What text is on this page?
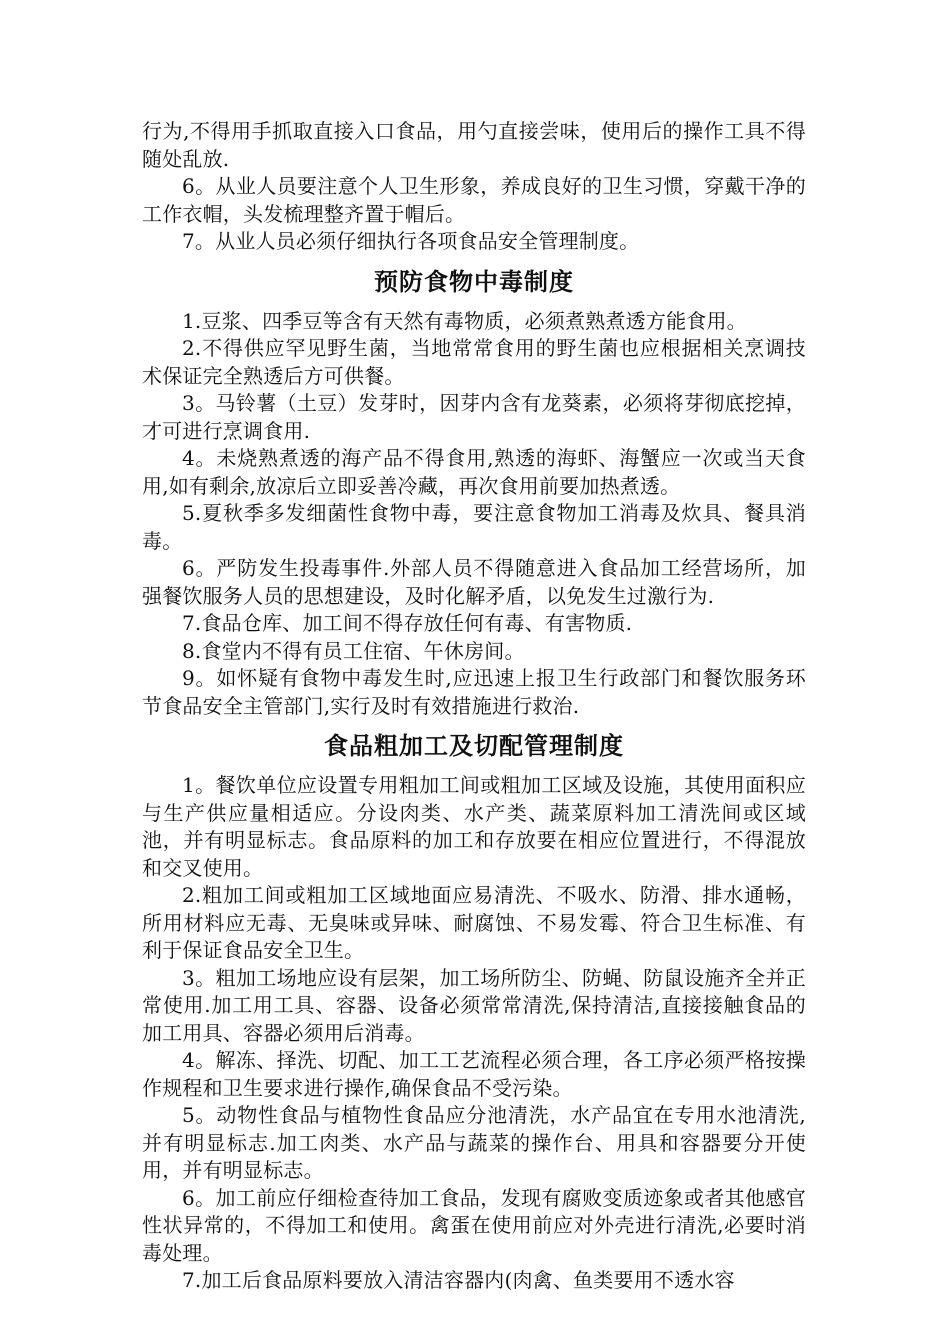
行为,不得用手抓取直接入口食品，用勺直接尝味，使用后的操作工具不得随处乱放.

6。从业人员要注意个人卫生形象，养成良好的卫生习惯，穿戴干净的工作衣帽，头发梳理整齐置于帽后。

7。从业人员必须仔细执行各项食品安全管理制度。

预防食物中毒制度

1.豆浆、四季豆等含有天然有毒物质，必须煮熟煮透方能食用。

2.不得供应罕见野生菌，当地常常食用的野生菌也应根据相关烹调技术保证完全熟透后方可供餐。

3。马铃薯（土豆）发芽时，因芽内含有龙葵素，必须将芽彻底挖掉，才可进行烹调食用.

4。未烧熟煮透的海产品不得食用,熟透的海虾、海蟹应一次或当天食用,如有剩余,放凉后立即妥善冷藏，再次食用前要加热煮透。

5.夏秋季多发细菌性食物中毒，要注意食物加工消毒及炊具、餐具消毒。

6。严防发生投毒事件.外部人员不得随意进入食品加工经营场所，加强餐饮服务人员的思想建设，及时化解矛盾，以免发生过激行为.

7.食品仓库、加工间不得存放任何有毒、有害物质.

8.食堂内不得有员工住宿、午休房间。

9。如怀疑有食物中毒发生时,应迅速上报卫生行政部门和餐饮服务环节食品安全主管部门,实行及时有效措施进行救治.

食品粗加工及切配管理制度

1。餐饮单位应设置专用粗加工间或粗加工区域及设施，其使用面积应与生产供应量相适应。分设肉类、水产类、蔬菜原料加工清洗间或区域池，并有明显标志。食品原料的加工和存放要在相应位置进行，不得混放和交叉使用。

2.粗加工间或粗加工区域地面应易清洗、不吸水、防滑、排水通畅，所用材料应无毒、无臭味或异味、耐腐蚀、不易发霉、符合卫生标准、有利于保证食品安全卫生。

3。粗加工场地应设有层架，加工场所防尘、防蝇、防鼠设施齐全并正常使用.加工用工具、容器、设备必须常常清洗,保持清洁,直接接触食品的加工用具、容器必须用后消毒。

4。解冻、择洗、切配、加工工艺流程必须合理，各工序必须严格按操作规程和卫生要求进行操作,确保食品不受污染。

5。动物性食品与植物性食品应分池清洗，水产品宜在专用水池清洗,并有明显标志.加工肉类、水产品与蔬菜的操作台、用具和容器要分开使用，并有明显标志。

6。加工前应仔细检查待加工食品，发现有腐败变质迹象或者其他感官性状异常的，不得加工和使用。禽蛋在使用前应对外壳进行清洗,必要时消毒处理。

7.加工后食品原料要放入清洁容器内(肉禽、鱼类要用不透水容
